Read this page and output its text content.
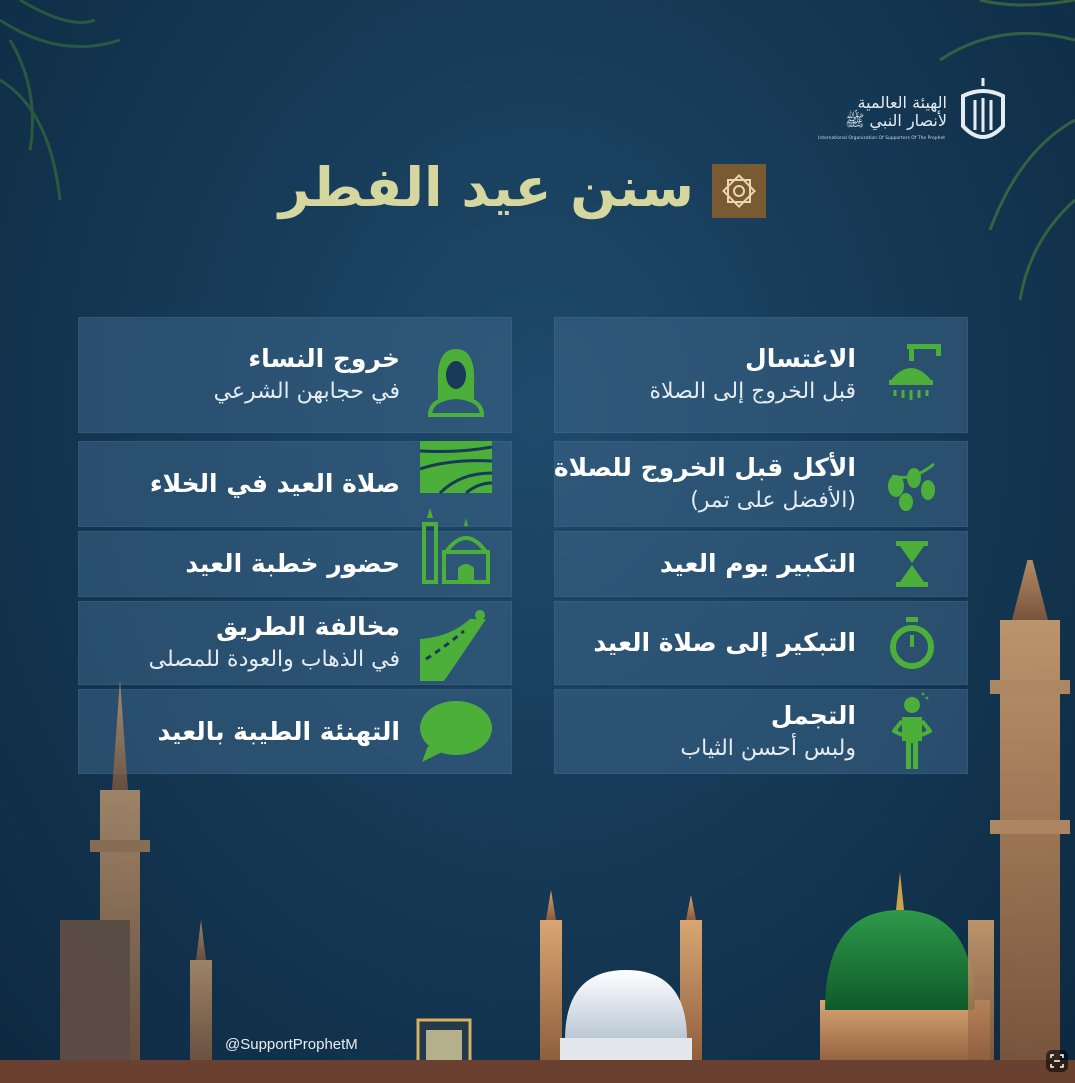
الهيئة العالمية
لأنصار النبي ﷺ
International Organization Of Supporters Of The Prophet
سنن عيد الفطر
الاغتسال
قبل الخروج إلى الصلاة
الأكل قبل الخروج للصلاة
(الأفضل على تمر)
التكبير يوم العيد
التبكير إلى صلاة العيد
التجمل
ولبس أحسن الثياب
خروج النساء
في حجابهن الشرعي
صلاة العيد في الخلاء
حضور خطبة العيد
مخالفة الطريق
في الذهاب والعودة للمصلى
التهنئة الطيبة بالعيد
@SupportProphetM
